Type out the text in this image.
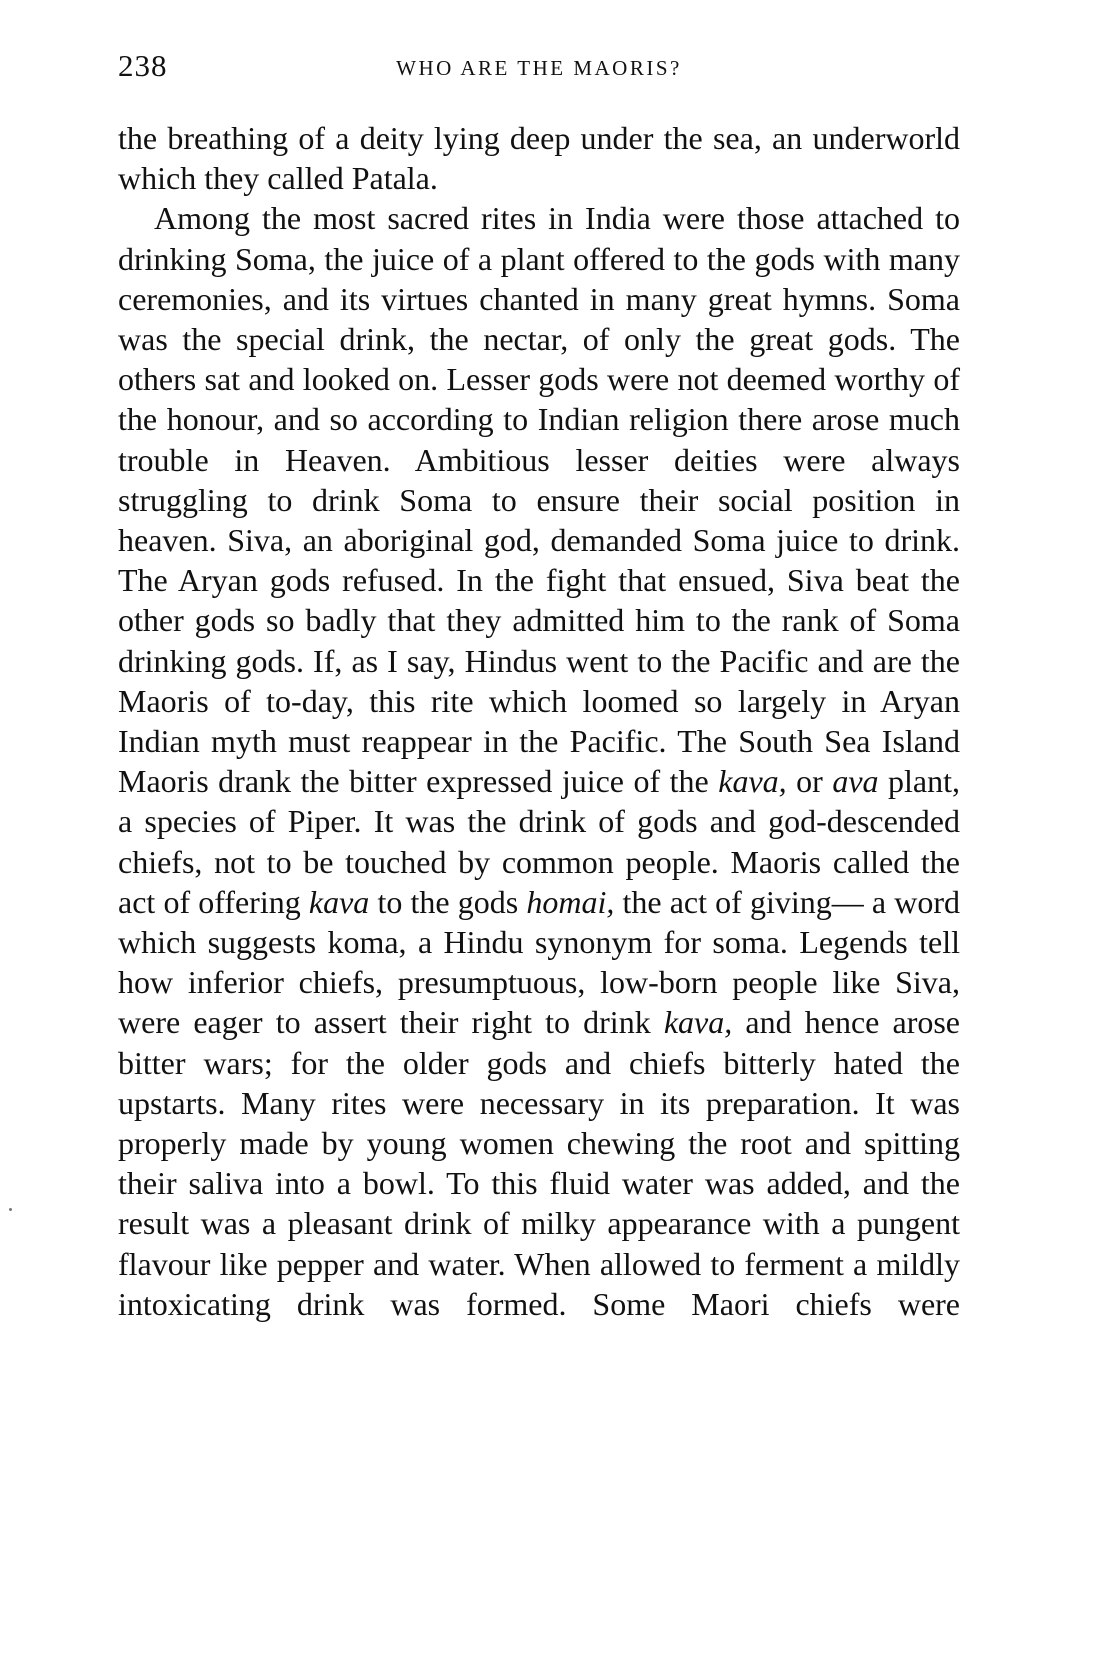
238	WHO ARE THE MAORIS?

the breathing of a deity lying deep under the sea, an underworld which they called Patala.

Among the most sacred rites in India were those attached to drinking Soma, the juice of a plant offered to the gods with many ceremonies, and its virtues chanted in many great hymns. Soma was the special drink, the nectar, of only the great gods. The others sat and looked on. Lesser gods were not deemed worthy of the honour, and so according to Indian religion there arose much trouble in Heaven. Ambitious lesser deities were always struggling to drink Soma to ensure their social position in heaven. Siva, an aboriginal god, demanded Soma juice to drink. The Aryan gods refused. In the fight that ensued, Siva beat the other gods so badly that they admitted him to the rank of Soma drinking gods. If, as I say, Hindus went to the Pacific and are the Maoris of to-day, this rite which loomed so largely in Aryan Indian myth must reappear in the Pacific. The South Sea Island Maoris drank the bitter expressed juice of the kava, or ava plant, a species of Piper. It was the drink of gods and god-descended chiefs, not to be touched by common people. Maoris called the act of offering kava to the gods homai, the act of giving— a word which suggests koma, a Hindu synonym for soma. Legends tell how inferior chiefs, presumptuous, low-born people like Siva, were eager to assert their right to drink kava, and hence arose bitter wars; for the older gods and chiefs bitterly hated the upstarts. Many rites were necessary in its preparation. It was properly made by young women chewing the root and spitting their saliva into a bowl. To this fluid water was added, and the result was a pleasant drink of milky appearance with a pungent flavour like pepper and water. When allowed to ferment a mildly intoxicating drink was formed. Some Maori chiefs were
